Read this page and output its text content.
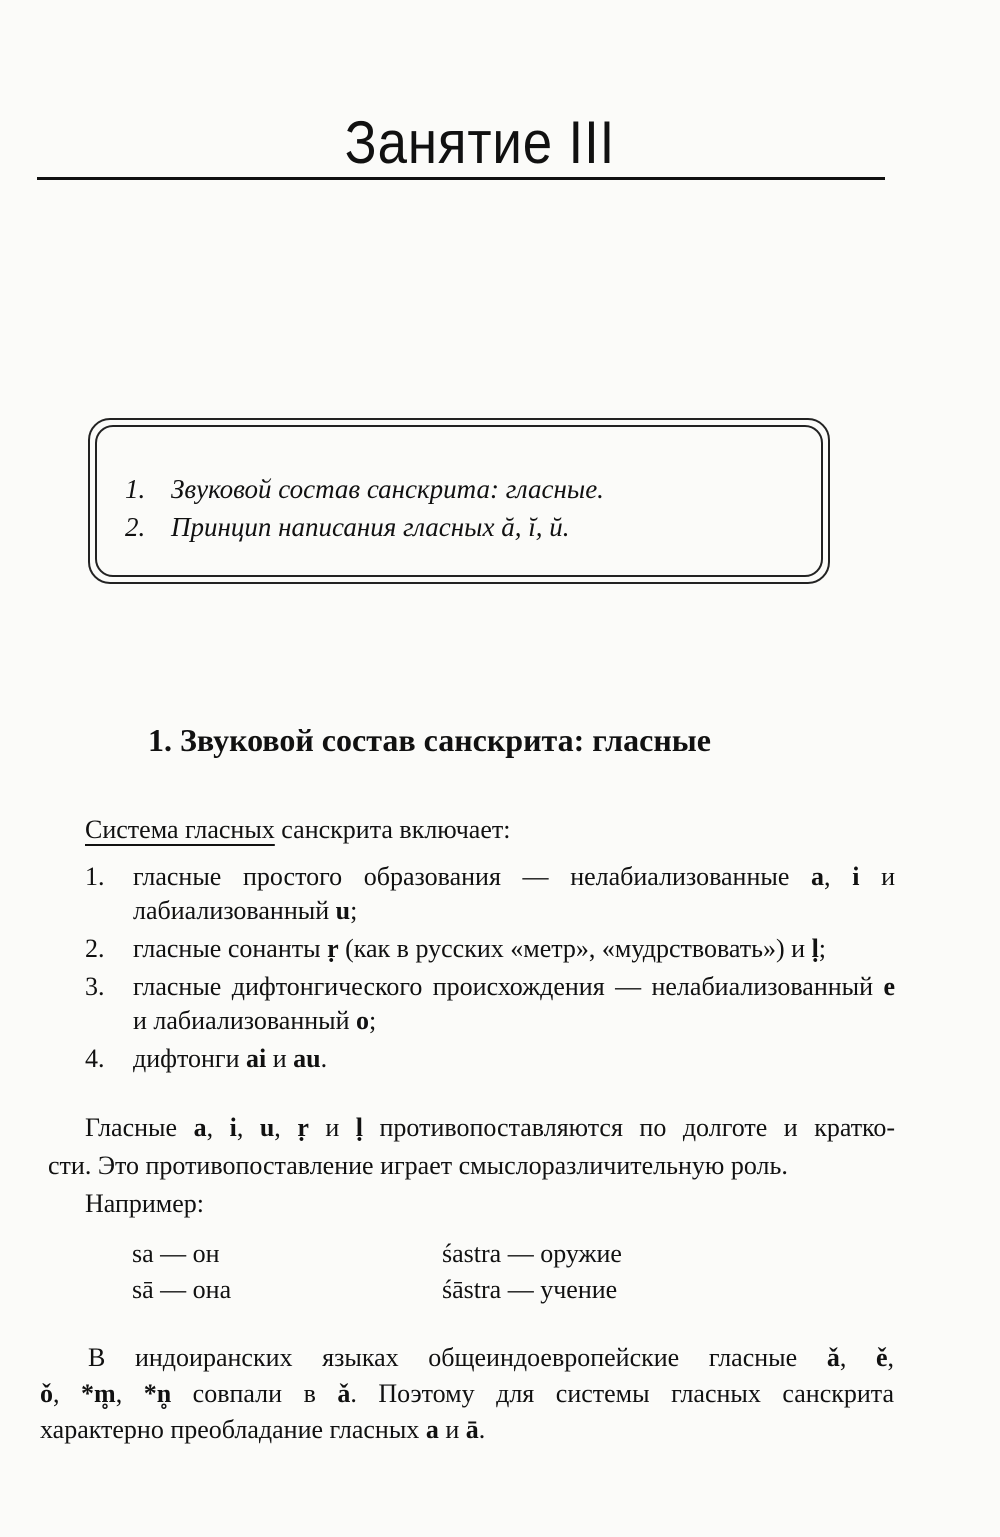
Занятие III
1. Звуковой состав санскрита: гласные.
2. Принцип написания гласных ă, ĭ, ŭ.
1. Звуковой состав санскрита: гласные
Система гласных санскрита включает:
1.	гласные простого образования — нелабиализованные a, i и лабиализованный u;
2.	гласные сонанты ṛ (как в русских «метр», «мудрствовать») и ḷ;
3.	гласные дифтонгического происхождения — нелабиализованный e и лабиализованный o;
4.	дифтонги ai и au.
Гласные a, i, u, ṛ и ḷ противопоставляются по долготе и кратко-
сти. Это противопоставление играет смыслоразличительную роль.
Например:
sa — он	śastra — оружие
sā — она	śāstra — учение
В индоиранских языках общеиндоевропейские гласные ǎ, ě,
ǒ, *m̥, *n̥ совпали в ǎ. Поэтому для системы гласных санскрита
характерно преобладание гласных a и ā.
